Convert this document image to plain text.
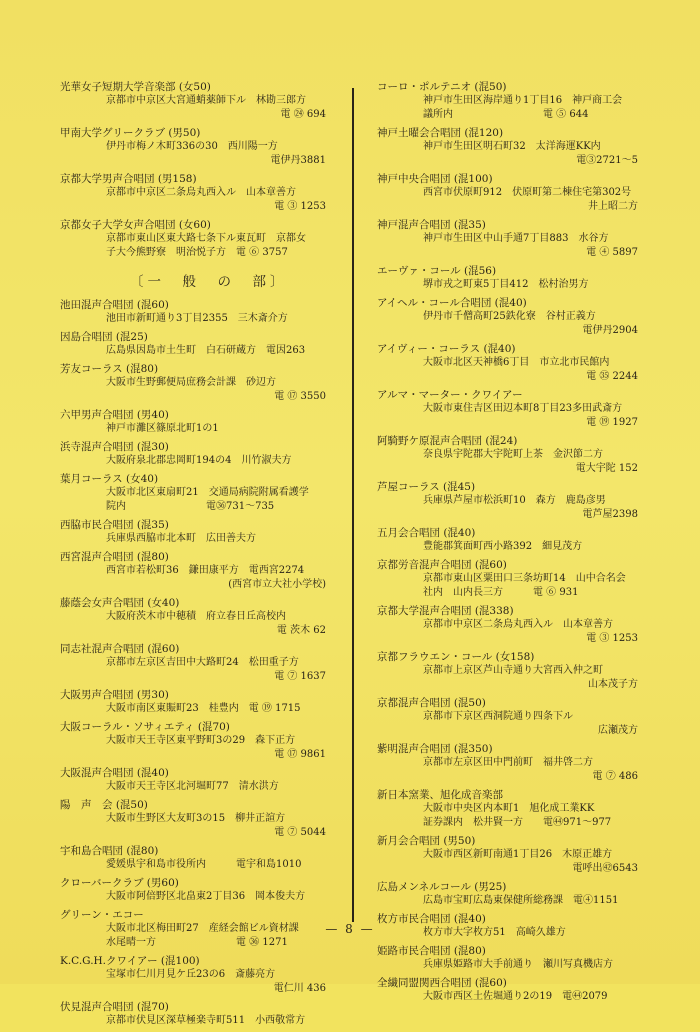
光華女子短期大学音楽部 (女50)
京都市中京区大宮通蛸薬師下ル　林勘三郎方
電 ㉔ 694
甲南大学グリークラブ (男50)
伊丹市梅ノ木町336の30　西川陽一方
電伊丹3881
京都大学男声合唱団 (男158)
京都市中京区二条烏丸西入ル　山本章善方
電 ③ 1253
京都女子大学女声合唱団 (女60)
京都市東山区東大路七条下ル東瓦町　京都女
子大今熊野寮　明治悦子方　電 ⑥ 3757
〔一　般　の　部〕
池田混声合唱団 (混60)
池田市新町通り3丁目2355　三木斎介方
因島合唱団 (混25)
広島県因島市土生町　白石研蔵方　電因263
芳友コーラス (混80)
大阪市生野郵便局庶務会計課　砂辺方
電 ⑰ 3550
六甲男声合唱団 (男40)
神戸市灘区篠原北町1の1
浜寺混声合唱団 (混30)
大阪府泉北郡忠岡町194の4　川竹淑夫方
葉月コーラス (女40)
大阪市北区東扇町21　交通局病院附属看護学
院内　　　　　　　　電㊱731～735
西脇市民合唱団 (混35)
兵庫県西脇市北本町　広田善夫方
西宮混声合唱団 (混80)
西宮市若松町36　鎌田康平方　電西宮2274
(西宮市立大社小学校)
藤蔭会女声合唱団 (女40)
大阪府茨木市中穂積　府立春日丘高校内
電 茨木 62
同志社混声合唱団 (混60)
京都市左京区吉田中大路町24　松田重子方
電 ⑦ 1637
大阪男声合唱団 (男30)
大阪市南区東賑町23　桂豊内　電 ⑲ 1715
大阪コーラル・ソサィエティ (混70)
大阪市天王寺区東平野町3の29　森下正方
電 ⑰ 9861
大阪混声合唱団 (混40)
大阪市天王寺区北河堀町77　清水洪方
陽　声　会 (混50)
大阪市生野区大友町3の15　柳井正諠方
電 ⑦ 5044
宇和島合唱団 (混80)
愛媛県宇和島市役所内　　　電宇和島1010
クローバークラブ (男60)
大阪市阿倍野区北畠東2丁目36　岡本俊夫方
グリーン・エコー
大阪市北区梅田町27　産経会館ビル資材課
水尾晴一方　　　　　　　　電 ㊱ 1271
K.C.G.H.クワイアー (混100)
宝塚市仁川月見ケ丘23の6　斎藤亮方
電仁川 436
伏見混声合唱団 (混70)
京都市伏見区深草極楽寺町511　小西敬常方
コーロ・ポルテニオ (混50)
神戸市生田区海岸通り1丁目16　神戸商工会
議所内　　　　　　　　　電 ⑤ 644
神戸土曜会合唱団 (混120)
神戸市生田区明石町32　太洋海運KK内
電③2721～5
神戸中央合唱団 (混100)
西宮市伏原町912　伏原町第二棟住宅第302号
井上昭二方
神戸混声合唱団 (混35)
神戸市生田区中山手通7丁目883　水谷方
電 ④ 5897
エーヴァ・コール (混56)
堺市戎之町東5丁目412　松村治男方
アイヘル・コール合唱団 (混40)
伊丹市千僧高町25鉄化寮　谷村正義方
電伊丹2904
アイヴィー・コーラス (混40)
大阪市北区天神橋6丁目　市立北市民館内
電 ㉟ 2244
アルマ・マーター・クワイアー
大阪市東住吉区田辺本町8丁目23多田武斎方
電 ⑲ 1927
阿騎野ケ原混声合唱団 (混24)
奈良県宇陀郡大宇陀町上茶　金沢節二方
電大宇陀 152
芦屋コーラス (混45)
兵庫県芦屋市松浜町10　森方　鹿島彦男
電芦屋2398
五月会合唱団 (混40)
豊能郡箕面町西小路392　細見茂方
京都労音混声合唱団 (混60)
京都市東山区粟田口三条坊町14　山中合名会
社内　山内長三方　　　電 ⑥ 931
京都大学混声合唱団 (混338)
京都市中京区二条烏丸西入ル　山本章善方
電 ③ 1253
京都フラウエン・コール (女158)
京都市上京区芦山寺通り大宮西入仲之町
山本茂子方
京都混声合唱団 (混50)
京都市下京区西洞院通り四条下ル
広瀬茂方
紫明混声合唱団 (混350)
京都市左京区田中門前町　福井啓二方
電 ⑦ 486
新日本窯業、旭化成音楽部
大阪市中央区内本町1　旭化成工業KK
証券課内　松井賢一方　　電㊹971～977
新月会合唱団 (男50)
大阪市西区新町南通1丁目26　木原正雄方
電呼出㊷6543
広島メンネルコール (男25)
広島市宝町広島東保健所総務課　電④1151
枚方市民合唱団 (混40)
枚方市大字枚方51　高崎久雄方
姫路市民合唱団 (混80)
兵庫県姫路市大手前通り　瀬川写真機店方
全繊同盟関西合唱団 (混60)
大阪市西区土佐堀通り2の19　電㊹2079
— 8 —
